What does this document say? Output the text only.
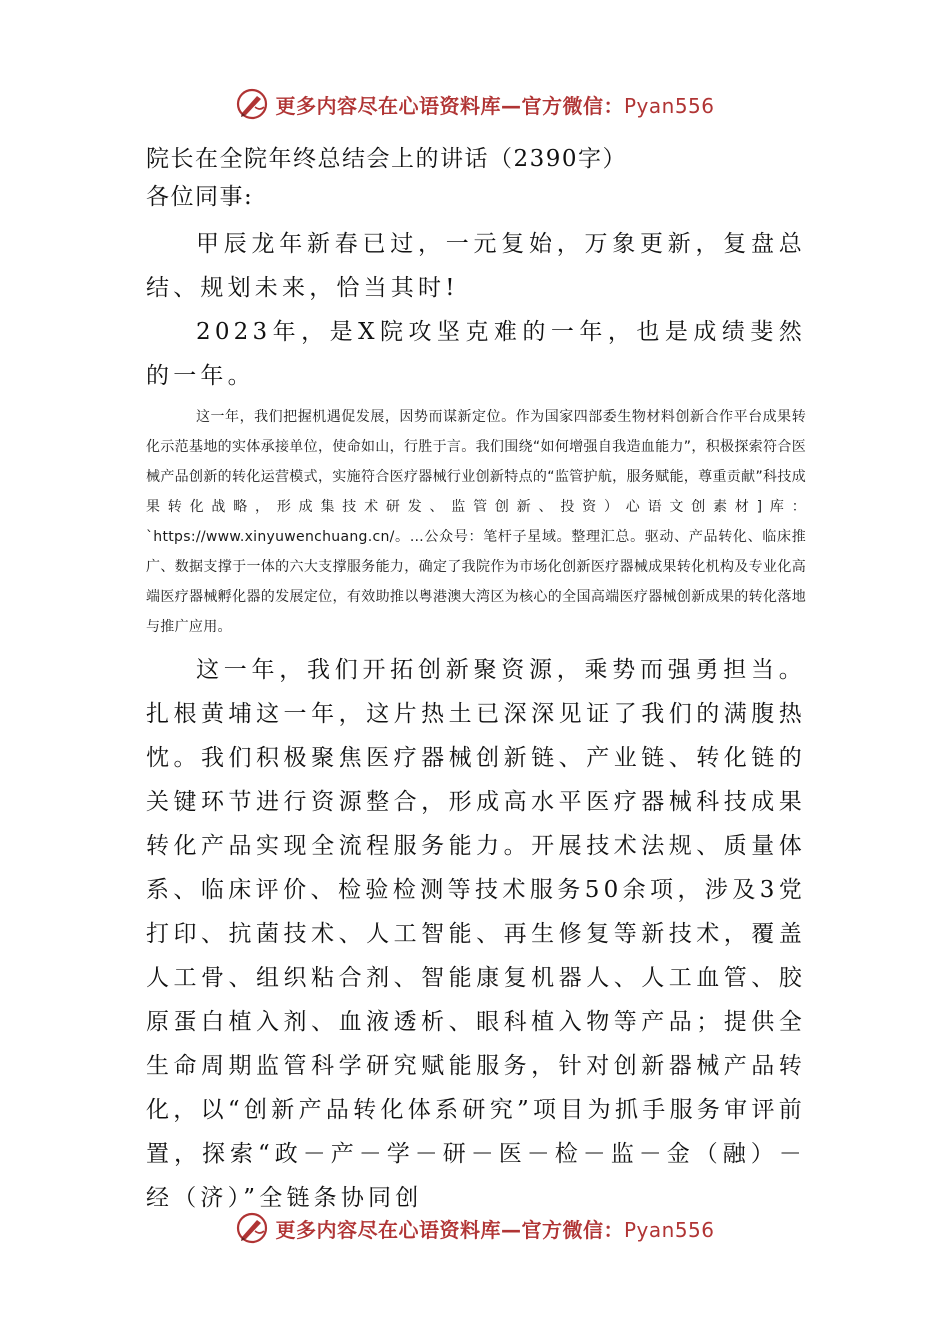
更多内容尽在心语资料库—官方微信：Pyan556

院长在全院年终总结会上的讲话（2390字）

各位同事:

甲辰龙年新春已过，一元复始，万象更新，复盘总结、规划未来，恰当其时!

2023年，是X院攻坚克难的一年，也是成绩斐然的一年。

这一年，我们把握机遇促发展，因势而谋新定位。作为国家四部委生物材料创新合作平台成果转化示范基地的实体承接单位，使命如山，行胜于言。我们围绕“如何增强自我造血能力”，积极探索符合医械产品创新的转化运营模式，实施符合医疗器械行业创新特点的“监管护航，服务赋能，尊重贡献”科技成果转化战略，形成集技术研发、监管创新、投资）心语文创素材]库：`https://www.xinyuwenchuang.cn/。…公众号：笔杆子星域。整理汇总。驱动、产品转化、临床推广、数据支撑于一体的六大支撑服务能力，确定了我院作为市场化创新医疗器械成果转化机构及专业化高端医疗器械孵化器的发展定位，有效助推以粤港澳大湾区为核心的全国高端医疗器械创新成果的转化落地与推广应用。

这一年，我们开拓创新聚资源，乘势而强勇担当。扎根黄埔这一年，这片热土已深深见证了我们的满腹热忱。我们积极聚焦医疗器械创新链、产业链、转化链的关键环节进行资源整合，形成高水平医疗器械科技成果转化产品实现全流程服务能力。开展技术法规、质量体系、临床评价、检验检测等技术服务50余项，涉及3党打印、抗菌技术、人工智能、再生修复等新技术，覆盖人工骨、组织粘合剂、智能康复机器人、人工血管、胶原蛋白植入剂、血液透析、眼科植入物等产品；提供全生命周期监管科学研究赋能服务，针对创新器械产品转化，以“创新产品转化体系研究”项目为抓手服务审评前置，探索“政－产－学－研－医－检－监－金（融）－经（济）”全链条协同创

更多内容尽在心语资料库—官方微信：Pyan556
